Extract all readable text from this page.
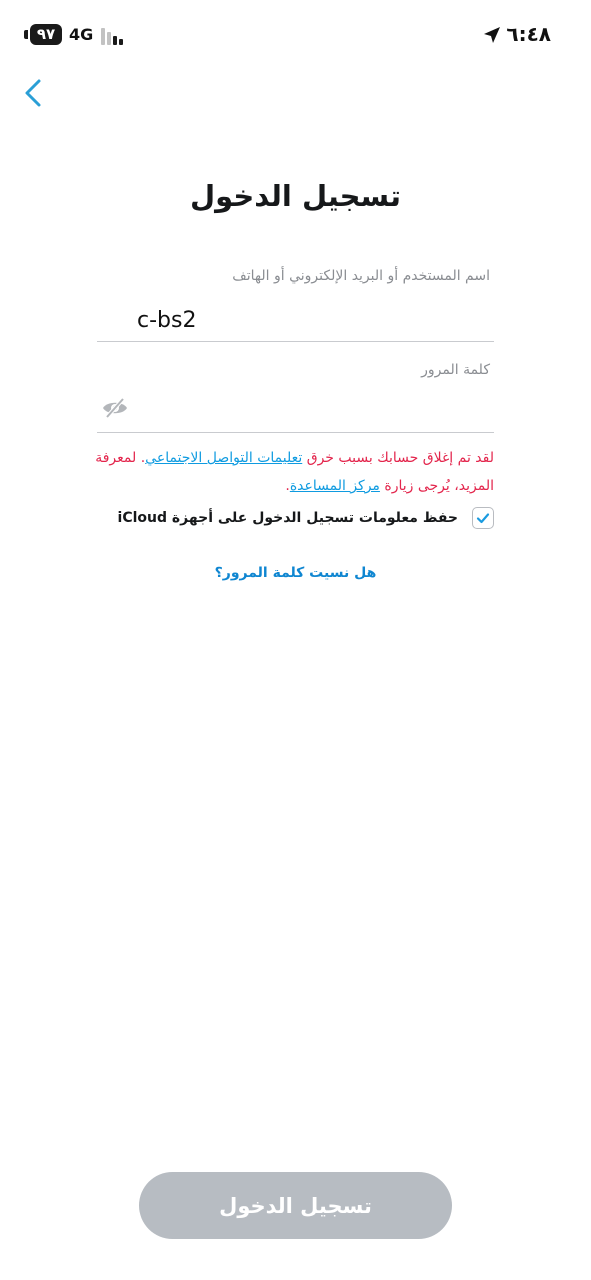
٩٧ 4G	٦:٤٨
تسجيل الدخول
اسم المستخدم أو البريد الإلكتروني أو الهاتف
c-bs2
كلمة المرور
لقد تم إغلاق حسابك بسبب خرق تعليمات التواصل الاجتماعي. لمعرفة المزيد، يُرجى زيارة مركز المساعدة.
حفظ معلومات تسجيل الدخول على أجهزة iCloud
هل نسيت كلمة المرور؟
تسجيل الدخول
